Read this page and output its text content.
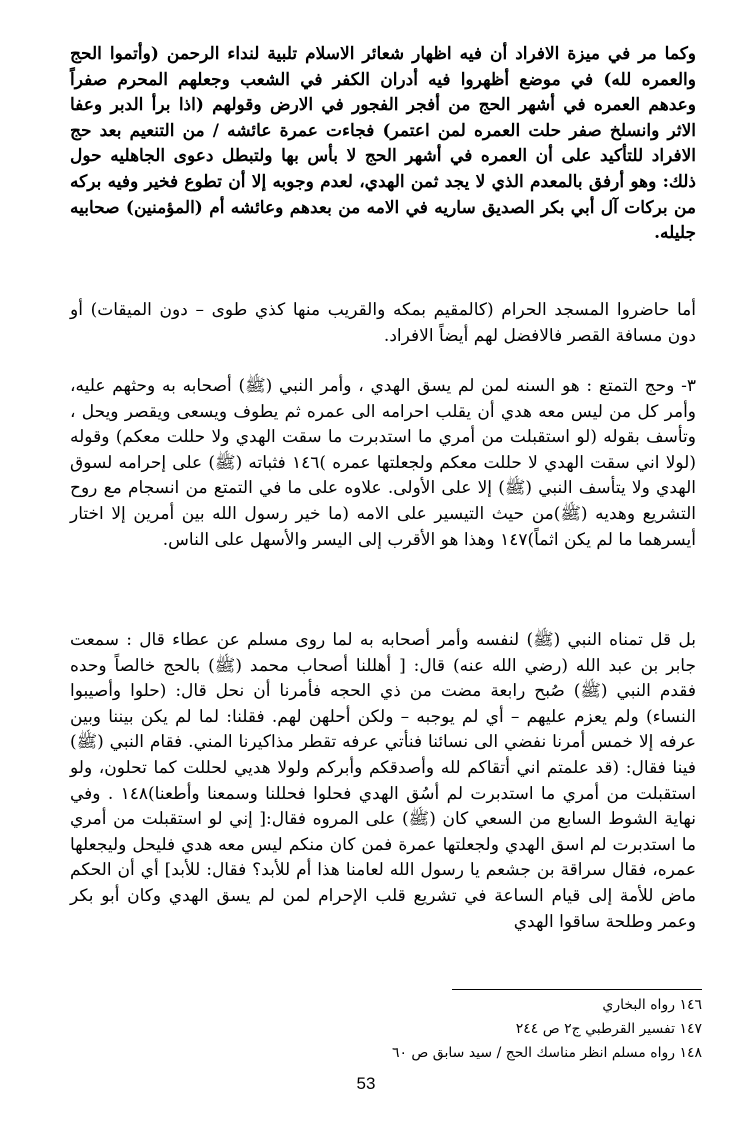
وكما مر في ميزة الافراد أن فيه اظهار شعائر الاسلام تلبية لنداء الرحمن (وأتموا الحج والعمره لله) في موضع أظهروا فيه أدران الكفر في الشعب وجعلهم المحرم صفراً وعدهم العمره في أشهر الحج من أفجر الفجور في الارض وقولهم (اذا برأ الدبر وعفا الاثر وانسلخ صفر حلت العمره لمن اعتمر) فجاءت عمرة عائشه / من التنعيم بعد حج الافراد للتأكيد على أن العمره في أشهر الحج لا بأس بها ولتبطل دعوى الجاهليه حول ذلك: وهو أرفق بالمعدم الذي لا يجد ثمن الهدي، لعدم وجوبه إلا أن تطوع فخير وفيه بركه من بركات آل أبي بكر الصديق ساريه في الامه من بعدهم وعائشه أم (المؤمنين) صحابيه جليله.

أما حاضروا المسجد الحرام (كالمقيم بمكه والقريب منها كذي طوى – دون الميقات) أو دون مسافة القصر فالافضل لهم أيضاً الافراد.

٣- وحج التمتع : هو السنه لمن لم يسق الهدي ، وأمر النبي (ﷺ) أصحابه به وحثهم عليه، وأمر كل من ليس معه هدي أن يقلب احرامه الى عمره ثم يطوف ويسعى ويقصر ويحل ، وتأسف بقوله (لو استقبلت من أمري ما استدبرت ما سقت الهدي ولا حللت معكم) وقوله (لولا اني سقت الهدي لا حللت معكم ولجعلتها عمره )١٤٦ فثباته (ﷺ) على إحرامه لسوق الهدي ولا يتأسف النبي (ﷺ) إلا على الأولى. علاوه على ما في التمتع من انسجام مع روح التشريع وهديه (ﷺ)من حيث التيسير على الامه (ما خير رسول الله بين أمرين إلا اختار أيسرهما ما لم يكن اثماً)١٤٧ وهذا هو الأقرب إلى اليسر والأسهل على الناس.

بل قل تمناه النبي (ﷺ) لنفسه وأمر أصحابه به لما روى مسلم عن عطاء قال : سمعت جابر بن عبد الله (رضي الله عنه) قال: [ أهللنا أصحاب محمد (ﷺ) بالحج خالصاً وحده فقدم النبي (ﷺ) صُبح رابعة مضت من ذي الحجه فأمرنا أن نحل قال: (حلوا وأصيبوا النساء) ولم يعزم عليهم – أي لم يوجبه – ولكن أحلهن لهم. فقلنا: لما لم يكن بيننا وبين عرفه إلا خمس أمرنا نفضي الى نسائنا فنأتي عرفه تقطر مذاكيرنا المني. فقام النبي (ﷺ) فينا فقال: (قد علمتم اني أتقاكم لله وأصدقكم وأبركم ولولا هديي لحللت كما تحلون، ولو استقبلت من أمري ما استدبرت لم أسُق الهدي فحلوا فحللنا وسمعنا وأطعنا)١٤٨ . وفي نهاية الشوط السابع من السعي كان (ﷺ) على المروه فقال:[ إني لو استقبلت من أمري ما استدبرت لم اسق الهدي ولجعلتها عمرة فمن كان منكم ليس معه هدي فليحل وليجعلها عمره، فقال سراقة بن جشعم يا رسول الله لعامنا هذا أم للأبد؟ فقال: للأبد] أي أن الحكم ماض للأمة إلى قيام الساعة في تشريع قلب الإحرام لمن لم يسق الهدي وكان أبو بكر وعمر وطلحة ساقوا الهدي

١٤٦ رواه البخاري
١٤٧ تفسير القرطبي ج٢ ص ٢٤٤
١٤٨ رواه مسلم انظر مناسك الحج / سيد سابق ص ٦٠
53
